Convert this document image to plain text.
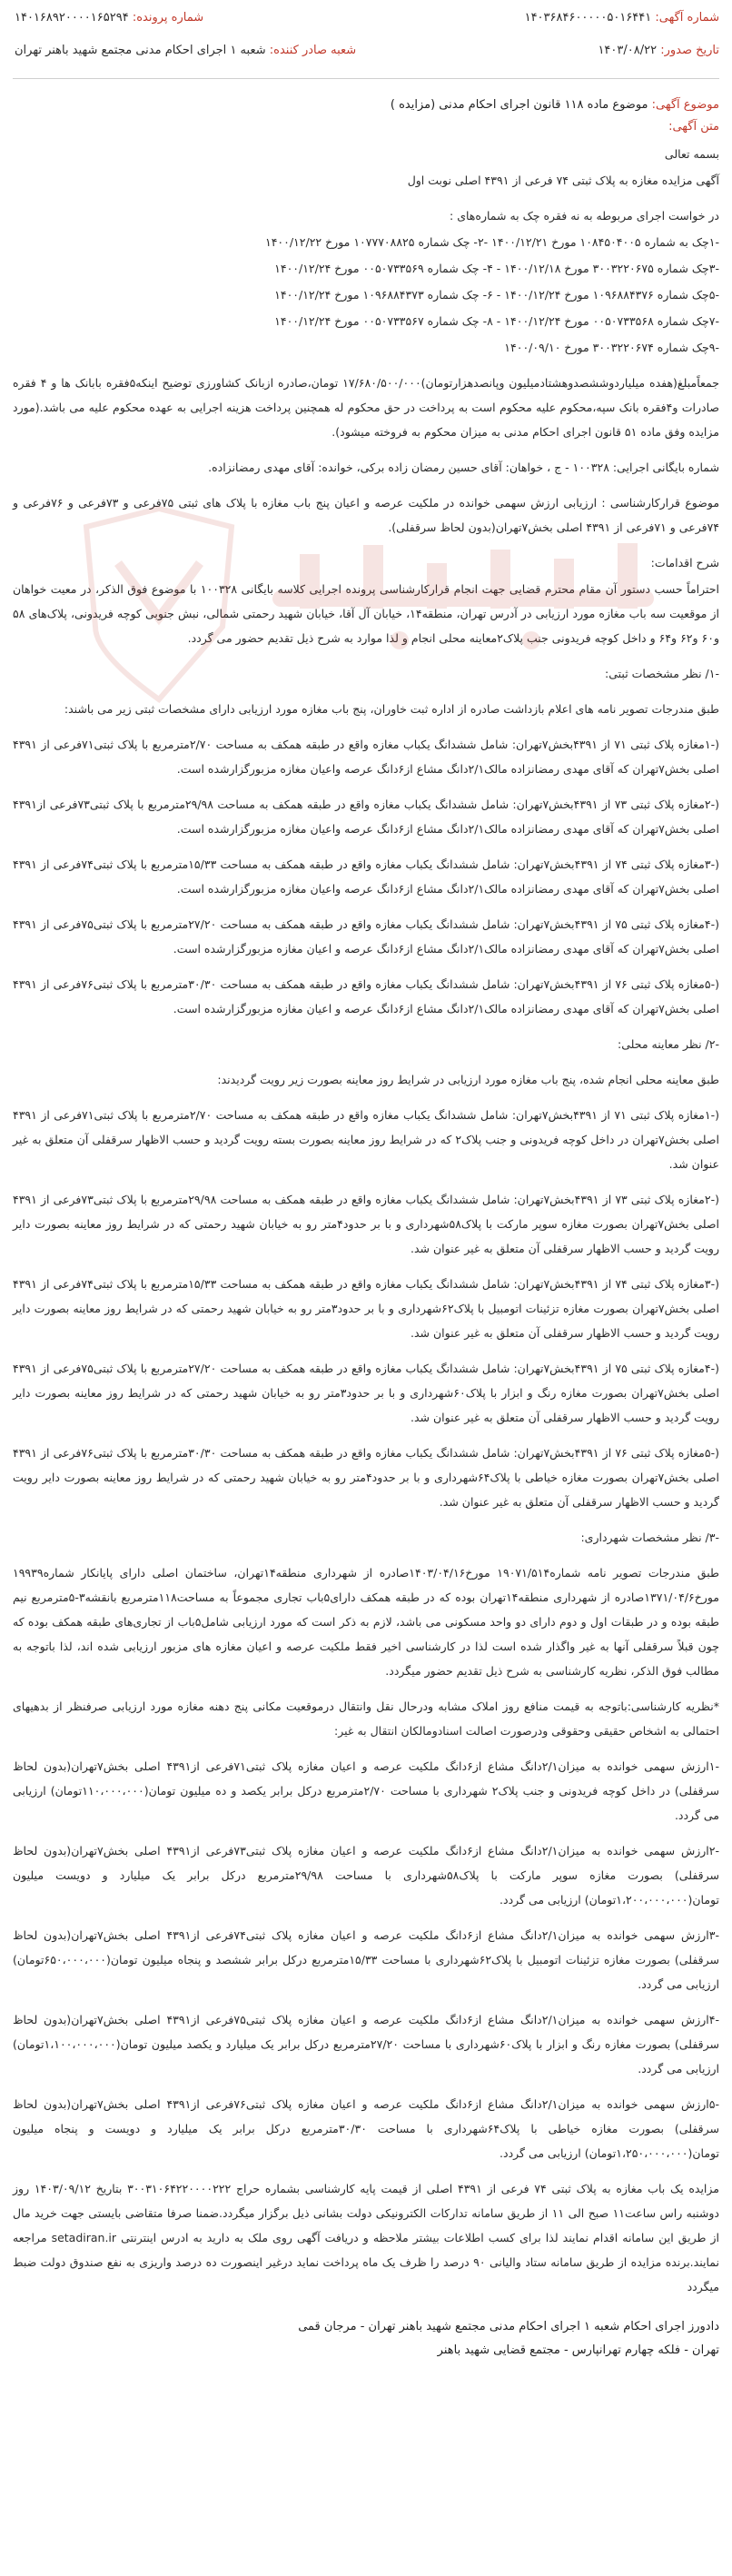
شماره آگهی: ۱۴۰۳۶۸۴۶۰۰۰۰۰۵۰۱۶۴۴۱
شماره پرونده: ۱۴۰۱۶۸۹۲۰۰۰۰۱۶۵۲۹۴
تاریخ صدور: ۱۴۰۳/۰۸/۲۲
شعبه صادر کننده: شعبه ۱ اجرای احکام مدنی مجتمع شهید باهنر تهران
موضوع آگهی: موضوع ماده ۱۱۸ قانون اجرای احکام مدنی (مزایده )
متن آگهی:

بسمه تعالی

آگهی مزایده مغازه به پلاک ثبتی ۷۴ فرعی از ۴۳۹۱ اصلی نوبت اول

در خواست اجرای مربوطه به نه فقره چک به شماره‌های :

-۱چک به شماره ۱۰۸۴۵۰۴۰۰۵ مورخ ۱۴۰۰/۱۲/۲۱ -۲- چک شماره ۱۰۷۷۷۰۸۸۲۵ مورخ ۱۴۰۰/۱۲/۲۲

-۳چک شماره ۳۰۰۳۲۲۰۶۷۵ مورخ ۱۴۰۰/۱۲/۱۸ - ۴- چک شماره ۰۰۵۰۷۳۳۵۶۹ مورخ ۱۴۰۰/۱۲/۲۴

-۵چک شماره ۱۰۹۶۸۸۴۳۷۶ مورخ ۱۴۰۰/۱۲/۲۴ - ۶- چک شماره ۱۰۹۶۸۸۴۳۷۳ مورخ ۱۴۰۰/۱۲/۲۴

-۷چک شماره ۰۰۵۰۷۳۳۵۶۸ مورخ ۱۴۰۰/۱۲/۲۴ - ۸- چک شماره ۰۰۵۰۷۳۳۵۶۷ مورخ ۱۴۰۰/۱۲/۲۴

-۹چک شماره ۳۰۰۳۲۲۰۶۷۴ مورخ ۱۴۰۰/۰۹/۱۰

جمعاًمبلغ(هفده میلیاردوششصدوهشتادمیلیون وپانصدهزارتومان)۱۷/۶۸۰/۵۰۰/۰۰۰ تومان،صادره ازبانک کشاورزی توضیح اینکه۵فقره بابانک ها و ۴ فقره صادرات و۴فقره بانک سپه،محکوم علیه محکوم است به پرداخت در حق محکوم له همچنین پرداخت هزینه اجرایی به عهده محکوم علیه می باشد.(مورد مزایده وفق ماده ۵۱ قانون اجرای احکام مدنی به میزان محکوم به فروخته میشود).

شماره بایگانی اجرایی: ۱۰۰۳۲۸ - ج ، خواهان: آقای حسین رمضان زاده برکی، خوانده: آقای مهدی رمضانزاده.

موضوع قرارکارشناسی : ارزیابی ارزش سهمی خوانده در ملکیت عرصه و اعیان پنج باب مغازه با پلاک های ثبتی ۷۵فرعی و ۷۳فرعی و ۷۶فرعی و ۷۴فرعی و ۷۱فرعی از ۴۳۹۱ اصلی بخش۷تهران(بدون لحاظ سرقفلی).

شرح اقدامات:

احتراماً حسب دستور آن مقام محترم قضایی جهت انجام قرارکارشناسی پرونده اجرایی کلاسه بایگانی ۱۰۰۳۲۸ با موضوع فوق الذکر، در معیت خواهان از موقعیت سه باب مغازه مورد ارزیابی در آدرس تهران، منطقه۱۴، خیابان آل آقا، خیابان شهید رحمتی شمالی، نبش جنوبی کوچه فریدونی، پلاک‌های ۵۸ و۶۰ و۶۲ و۶۴ و داخل کوچه فریدونی جنب پلاک۲معاینه محلی انجام و لذا موارد به شرح ذیل تقدیم حضور می گردد.

-۱/ نظر مشخصات ثبتی:

طبق مندرجات تصویر نامه های اعلام بازداشت صادره از اداره ثبت خاوران، پنج باب مغازه مورد ارزیابی دارای مشخصات ثبتی زیر می باشند:

(-۱مغازه پلاک ثبتی ۷۱ از ۴۳۹۱بخش۷تهران: شامل ششدانگ یکباب مغازه واقع در طبقه همکف به مساحت ۲/۷۰مترمربع با پلاک ثبتی۷۱فرعی از ۴۳۹۱ اصلی بخش۷تهران که آقای مهدی رمضانزاده مالک۲/۱دانگ مشاع از۶دانگ عرصه واعیان مغازه مزبورگزارشده است.

(-۲مغازه پلاک ثبتی ۷۳ از ۴۳۹۱بخش۷تهران: شامل ششدانگ یکباب مغازه واقع در طبقه همکف به مساحت ۲۹/۹۸مترمربع با پلاک ثبتی۷۳فرعی از۴۳۹۱ اصلی بخش۷تهران که آقای مهدی رمضانزاده مالک۲/۱دانگ مشاع از۶دانگ عرصه واعیان مغازه مزبورگزارشده است.

(-۳مغازه پلاک ثبتی ۷۴ از ۴۳۹۱بخش۷تهران: شامل ششدانگ یکباب مغازه واقع در طبقه همکف به مساحت ۱۵/۳۳مترمربع با پلاک ثبتی۷۴فرعی از ۴۳۹۱ اصلی بخش۷تهران که آقای مهدی رمضانزاده مالک۲/۱دانگ مشاع از۶دانگ عرصه واعیان مغازه مزبورگزارشده است.

(-۴مغازه پلاک ثبتی ۷۵ از ۴۳۹۱بخش۷تهران: شامل ششدانگ یکباب مغازه واقع در طبقه همکف به مساحت ۲۷/۲۰مترمربع با پلاک ثبتی۷۵فرعی از ۴۳۹۱ اصلی بخش۷تهران که آقای مهدی رمضانزاده مالک۲/۱دانگ مشاع از۶دانگ عرصه و اعیان مغازه مزبورگزارشده است.

(-۵مغازه پلاک ثبتی ۷۶ از ۴۳۹۱بخش۷تهران: شامل ششدانگ یکباب مغازه واقع در طبقه همکف به مساحت ۳۰/۳۰مترمربع با پلاک ثبتی۷۶فرعی از ۴۳۹۱ اصلی بخش۷تهران که آقای مهدی رمضانزاده مالک۲/۱دانگ مشاع از۶دانگ عرصه و اعیان مغازه مزبورگزارشده است.

-۲/ نظر معاینه محلی:

طبق معاینه محلی انجام شده، پنج باب مغازه مورد ارزیابی در شرایط روز معاینه بصورت زیر رویت گردیدند:

(-۱مغازه پلاک ثبتی ۷۱ از ۴۳۹۱بخش۷تهران: شامل ششدانگ یکباب مغازه واقع در طبقه همکف به مساحت ۲/۷۰مترمربع با پلاک ثبتی۷۱فرعی از ۴۳۹۱ اصلی بخش۷تهران در داخل کوچه فریدونی و جنب پلاک۲ که در شرایط روز معاینه بصورت بسته رویت گردید و حسب الاظهار سرقفلی آن متعلق به غیر عنوان شد.

(-۲مغازه پلاک ثبتی ۷۳ از ۴۳۹۱بخش۷تهران: شامل ششدانگ یکباب مغازه واقع در طبقه همکف به مساحت ۲۹/۹۸مترمربع با پلاک ثبتی۷۳فرعی از ۴۳۹۱ اصلی بخش۷تهران بصورت مغازه سوپر مارکت با پلاک۵۸شهرداری و با بر حدود۴متر رو به خیابان شهید رحمتی که در شرایط روز معاینه بصورت دایر رویت گردید و حسب الاظهار سرقفلی آن متعلق به غیر عنوان شد.

(-۳مغازه پلاک ثبتی ۷۴ از ۴۳۹۱بخش۷تهران: شامل ششدانگ یکباب مغازه واقع در طبقه همکف به مساحت ۱۵/۳۳مترمربع با پلاک ثبتی۷۴فرعی از ۴۳۹۱ اصلی بخش۷تهران بصورت مغازه تزئینات اتومبیل با پلاک۶۲شهرداری و با بر حدود۳متر رو به خیابان شهید رحمتی که در شرایط روز معاینه بصورت دایر رویت گردید و حسب الاظهار سرقفلی آن متعلق به غیر عنوان شد.

(-۴مغازه پلاک ثبتی ۷۵ از ۴۳۹۱بخش۷تهران: شامل ششدانگ یکباب مغازه واقع در طبقه همکف به مساحت ۲۷/۲۰مترمربع با پلاک ثبتی۷۵فرعی از ۴۳۹۱ اصلی بخش۷تهران بصورت مغازه رنگ و ابزار با پلاک۶۰شهرداری و با بر حدود۳متر رو به خیابان شهید رحمتی که در شرایط روز معاینه بصورت دایر رویت گردید و حسب الاظهار سرقفلی آن متعلق به غیر عنوان شد.

(-۵مغازه پلاک ثبتی ۷۶ از ۴۳۹۱بخش۷تهران: شامل ششدانگ یکباب مغازه واقع در طبقه همکف به مساحت ۳۰/۳۰مترمربع با پلاک ثبتی۷۶فرعی از ۴۳۹۱ اصلی بخش۷تهران بصورت مغازه خیاطی با پلاک۶۴شهرداری و با بر حدود۴متر رو به خیابان شهید رحمتی که در شرایط روز معاینه بصورت دایر رویت گردید و حسب الاظهار سرقفلی آن متعلق به غیر عنوان شد.

-۳/ نظر مشخصات شهرداری:

طبق مندرجات تصویر نامه شماره۱۹۰۷۱/۵۱۴ مورخ۱۴۰۳/۰۴/۱۶صادره از شهرداری منطقه۱۴تهران، ساختمان اصلی دارای پایانکار شماره۱۹۹۳۹ مورخ۱۳۷۱/۰۴/۶صادره از شهرداری منطقه۱۴تهران بوده که در طبقه همکف دارای۵باب تجاری مجموعاً به مساحت۱۱۸مترمربع بانقشه۳-۵مترمربع نیم طبقه بوده و در طبقات اول و دوم دارای دو واحد مسکونی می باشد، لازم به ذکر است که مورد ارزیابی شامل۵باب از تجاری‌های طبقه همکف بوده که چون قبلاً سرقفلی آنها به غیر واگذار شده است لذا در کارشناسی اخیر فقط ملکیت عرصه و اعیان مغازه های مزبور ارزیابی شده اند، لذا باتوجه به مطالب فوق الذکر، نظریه کارشناسی به شرح ذیل تقدیم حضور میگردد.

*نظریه کارشناسی:باتوجه به قیمت منافع روز املاک مشابه ودرحال نقل وانتقال درموقعیت مکانی پنج دهنه مغازه مورد ارزیابی صرفنظر از بدهیهای احتمالی به اشخاص حقیقی وحقوقی ودرصورت اصالت اسنادومالکان انتقال به غیر:

-۱ارزش سهمی خوانده به میزان۲/۱دانگ مشاع از۶دانگ ملکیت عرصه و اعیان مغازه پلاک ثبتی۷۱فرعی از۴۳۹۱ اصلی بخش۷تهران(بدون لحاظ سرقفلی) در داخل کوچه فریدونی و جنب پلاک۲ شهرداری با مساحت ۲/۷۰مترمربع درکل برابر یکصد و ده میلیون تومان(۱۱۰،۰۰۰،۰۰۰تومان) ارزیابی می گردد.

-۲ارزش سهمی خوانده به میزان۲/۱دانگ مشاع از۶دانگ ملکیت عرصه و اعیان مغازه پلاک ثبتی۷۳فرعی از۴۳۹۱ اصلی بخش۷تهران(بدون لحاظ سرقفلی) بصورت مغازه سوپر مارکت با پلاک۵۸شهرداری با مساحت ۲۹/۹۸مترمربع درکل برابر یک میلیارد و دویست میلیون تومان(۱،۲۰۰،۰۰۰،۰۰۰تومان) ارزیابی می گردد.

-۳ارزش سهمی خوانده به میزان۲/۱دانگ مشاع از۶دانگ ملکیت عرصه و اعیان مغازه پلاک ثبتی۷۴فرعی از۴۳۹۱ اصلی بخش۷تهران(بدون لحاظ سرقفلی) بصورت مغازه تزئینات اتومبیل با پلاک۶۲شهرداری با مساحت ۱۵/۳۳مترمربع درکل برابر ششصد و پنجاه میلیون تومان(۶۵۰،۰۰۰،۰۰۰تومان) ارزیابی می گردد.

-۴ارزش سهمی خوانده به میزان۲/۱دانگ مشاع از۶دانگ ملکیت عرصه و اعیان مغازه پلاک ثبتی۷۵فرعی از۴۳۹۱ اصلی بخش۷تهران(بدون لحاظ سرقفلی) بصورت مغازه رنگ و ابزار با پلاک۶۰شهرداری با مساحت ۲۷/۲۰مترمربع درکل برابر یک میلیارد و یکصد میلیون تومان(۱،۱۰۰،۰۰۰،۰۰۰تومان) ارزیابی می گردد.

-۵ارزش سهمی خوانده به میزان۲/۱دانگ مشاع از۶دانگ ملکیت عرصه و اعیان مغازه پلاک ثبتی۷۶فرعی از۴۳۹۱ اصلی بخش۷تهران(بدون لحاظ سرقفلی) بصورت مغازه خیاطی با پلاک۶۴شهرداری با مساحت ۳۰/۳۰مترمربع درکل برابر یک میلیارد و دویست و پنجاه میلیون تومان(۱،۲۵۰،۰۰۰،۰۰۰تومان) ارزیابی می گردد.

مزایده یک باب مغازه به پلاک ثبتی ۷۴ فرعی از ۴۳۹۱ اصلی از قیمت پایه کارشناسی بشماره حراج ۳۰۰۳۱۰۶۴۲۲۰۰۰۰۲۲۲ بتاریخ ۱۴۰۳/۰۹/۱۲ روز دوشنبه راس ساعت۱۱ صبح الی ۱۱ از طریق سامانه تدارکات الکترونیکی دولت بشانی ذیل برگزار میگردد.ضمنا صرفا متقاضی بایستی جهت خرید مال از طریق این سامانه اقدام نمایند لذا برای کسب اطلاعات بیشتر ملاحظه و دریافت آگهی روی ملک به دارید به ادرس اینترنتی setadiran.ir مراجعه نمایند.برنده مزایده از طریق سامانه ستاد والیانی ۹۰ درصد را ظرف یک ماه پرداخت نماید درغیر اینصورت ده درصد واریزی به نفع صندوق دولت ضبط میگردد

دادورز اجرای احکام شعبه ۱ اجرای احکام مدنی مجتمع شهید باهنر تهران - مرجان قمی
تهران - فلکه چهارم تهرانپارس - مجتمع قضایی شهید باهنر
